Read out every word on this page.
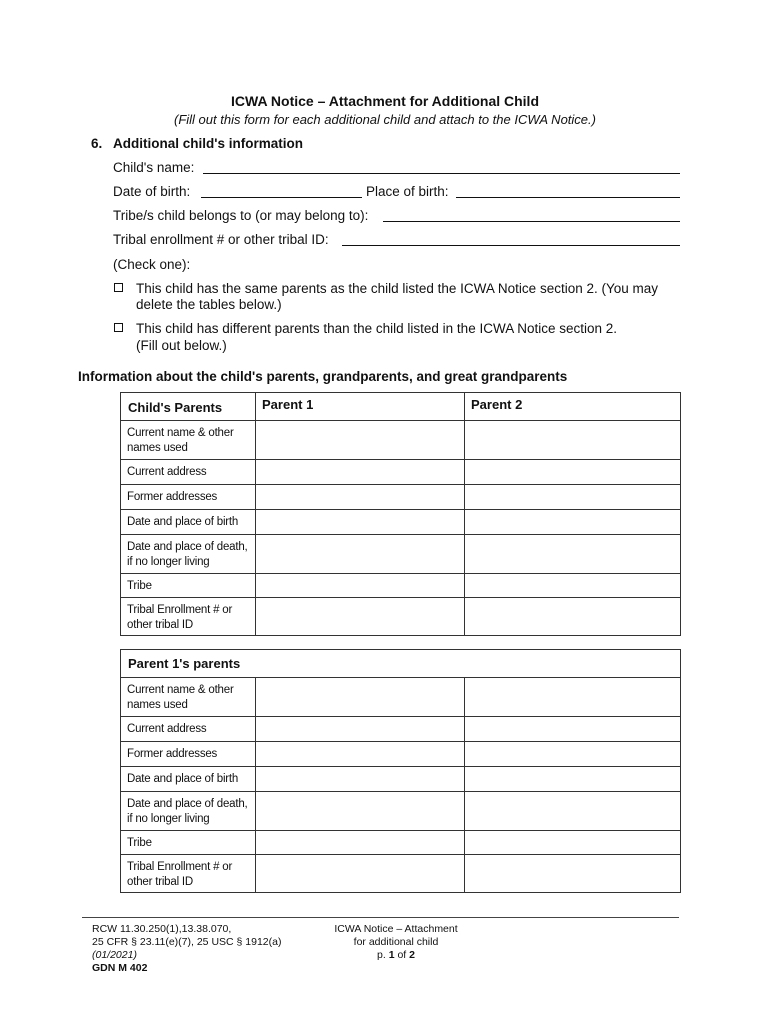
ICWA Notice – Attachment for Additional Child
(Fill out this form for each additional child and attach to the ICWA Notice.)
6. Additional child's information
Child's name:
Date of birth:	Place of birth:
Tribe/s child belongs to (or may belong to):
Tribal enrollment # or other tribal ID:
(Check one):
This child has the same parents as the child listed the ICWA Notice section 2. (You may
delete the tables below.)
This child has different parents than the child listed in the ICWA Notice section 2.
(Fill out below.)
Information about the child's parents, grandparents, and great grandparents
Child's Parents	Parent 1	Parent 2
Current name & other names used		
Current address		
Former addresses		
Date and place of birth		
Date and place of death, if no longer living		
Tribe		
Tribal Enrollment # or other tribal ID		
Parent 1's parents		
Current name & other names used		
Current address		
Former addresses		
Date and place of birth		
Date and place of death, if no longer living		
Tribe		
Tribal Enrollment # or other tribal ID		
RCW 11.30.250(1),13.38.070,
25 CFR § 23.11(e)(7), 25 USC § 1912(a)
(01/2021)
GDN M 402
ICWA Notice – Attachment
for additional child
p. 1 of 2
